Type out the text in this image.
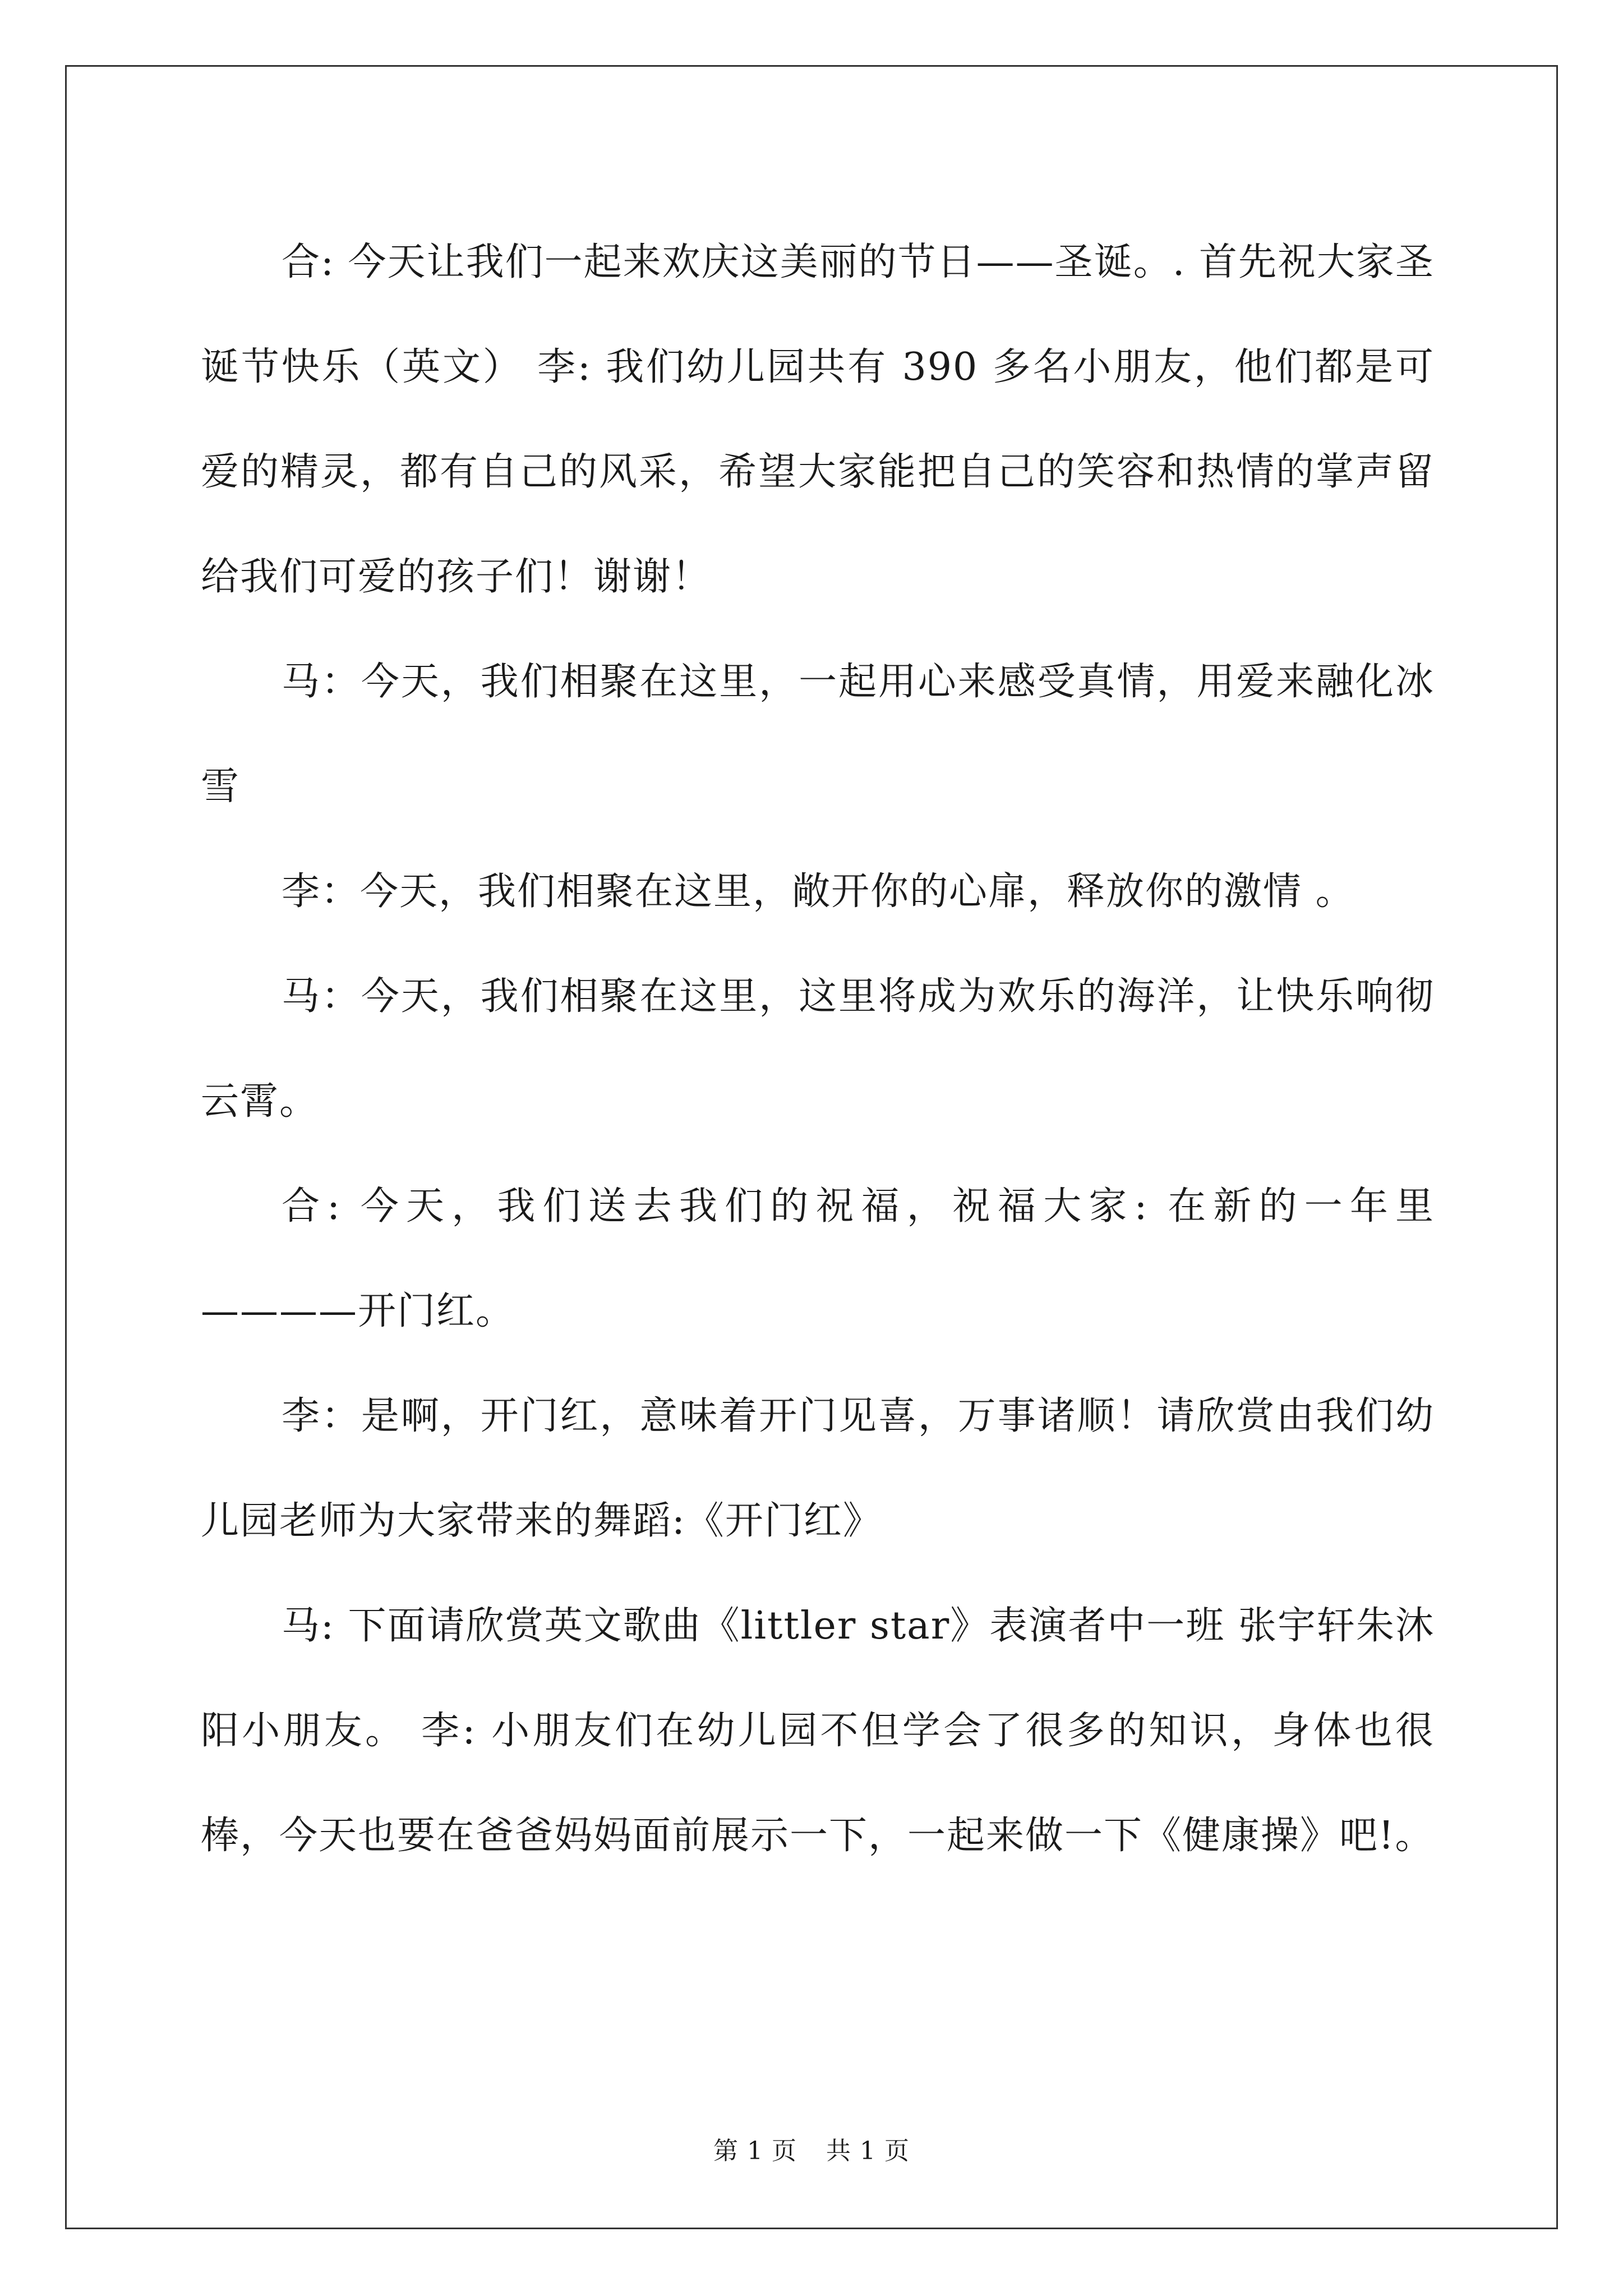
合: 今天让我们一起来欢庆这美丽的节日——圣诞。. 首先祝大家圣诞节快乐（英文） 李: 我们幼儿园共有 390 多名小朋友，他们都是可爱的精灵，都有自己的风采，希望大家能把自己的笑容和热情的掌声留给我们可爱的孩子们！谢谢！

马：今天，我们相聚在这里，一起用心来感受真情，用爱来融化冰雪

李：今天，我们相聚在这里，敞开你的心扉，释放你的激情 。

马：今天，我们相聚在这里，这里将成为欢乐的海洋，让快乐响彻云霄。

合: 今天，我们送去我们的祝福，祝福大家: 在新的一年里————开门红。

李：是啊，开门红，意味着开门见喜，万事诸顺！请欣赏由我们幼儿园老师为大家带来的舞蹈:《开门红》

马: 下面请欣赏英文歌曲《littler star》表演者中一班 张宇轩朱沐阳小朋友。 李: 小朋友们在幼儿园不但学会了很多的知识，身体也很棒，今天也要在爸爸妈妈面前展示一下，一起来做一下《健康操》吧!。

第 1 页 共 1 页
